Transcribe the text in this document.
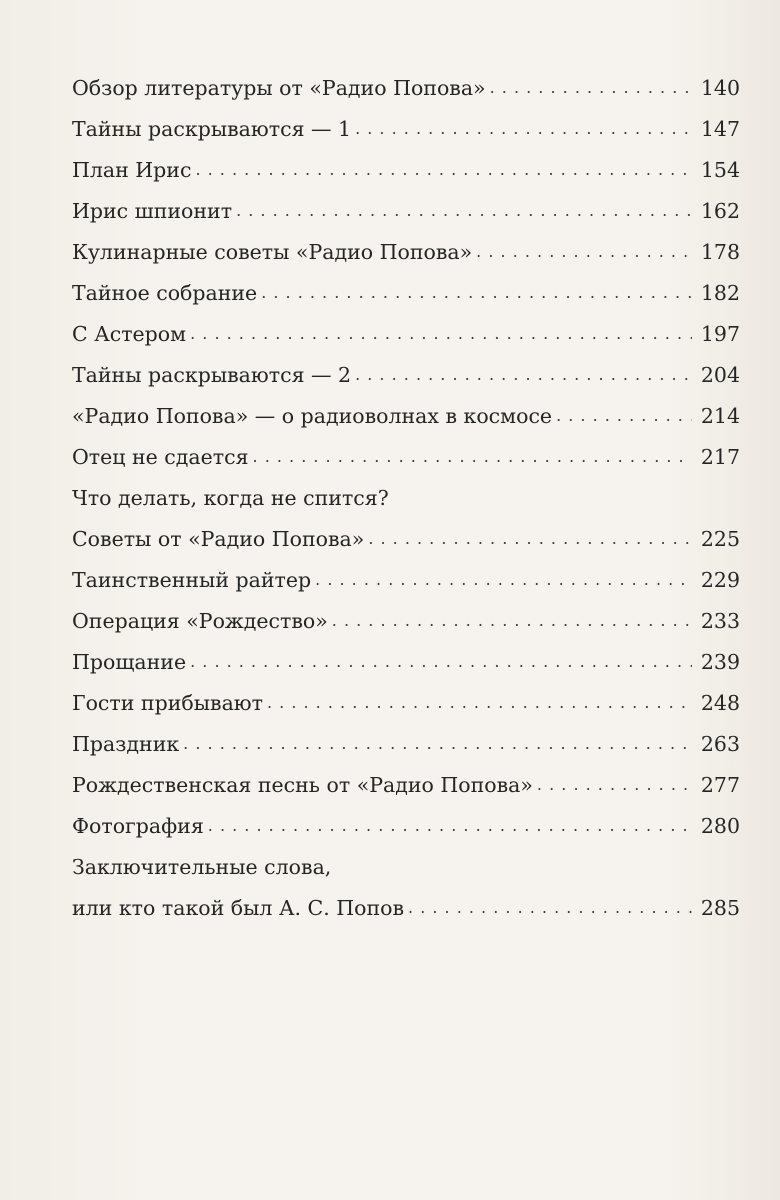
Обзор литературы от «Радио Попова» . . .	140
Тайны раскрываются — 1 . . .	147
План Ирис . . .	154
Ирис шпионит . . .	162
Кулинарные советы «Радио Попова» . . .	178
Тайное собрание . . .	182
С Астером . . .	197
Тайны раскрываются — 2 . . .	204
«Радио Попова» — о радиоволнах в космосе . . .	214
Отец не сдается . . .	217
Что делать, когда не спится?
Советы от «Радио Попова» . . .	225
Таинственный райтер . . .	229
Операция «Рождество» . . .	233
Прощание . . .	239
Гости прибывают . . .	248
Праздник . . .	263
Рождественская песнь от «Радио Попова» . . .	277
Фотография . . .	280
Заключительные слова,
или кто такой был А. С. Попов . . .	285
